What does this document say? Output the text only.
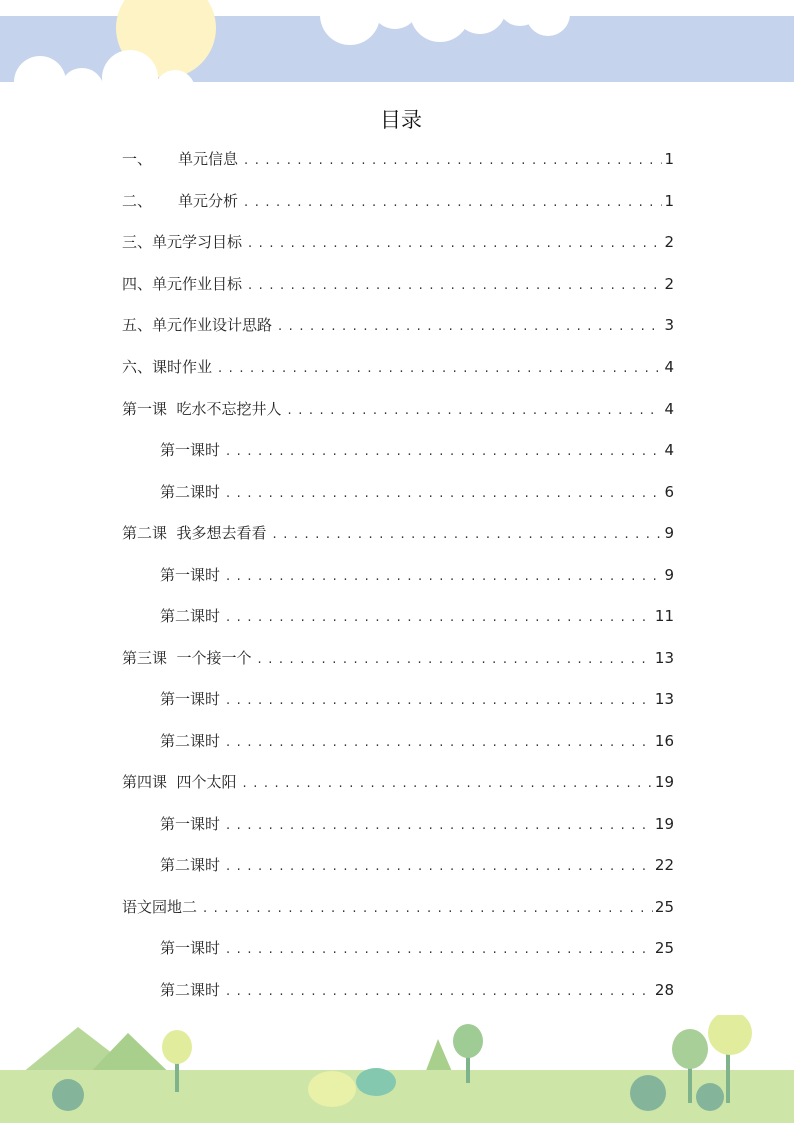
目录
一、 单元信息 . . .	1
二、 单元分析 . . .	1
三、单元学习目标 . . .	2
四、单元作业目标 . . .	2
五、单元作业设计思路 . . .	3
六、课时作业 . . .	4
第一课  吃水不忘挖井人 . . .	4
第一课时 . . .	4
第二课时 . . .	6
第二课  我多想去看看 . . .	9
第一课时 . . .	9
第二课时 . . .	11
第三课  一个接一个 . . .	13
第一课时 . . .	13
第二课时 . . .	16
第四课  四个太阳 . . .	19
第一课时 . . .	19
第二课时 . . .	22
语文园地二 . . .	25
第一课时 . . .	25
第二课时 . . .	28
